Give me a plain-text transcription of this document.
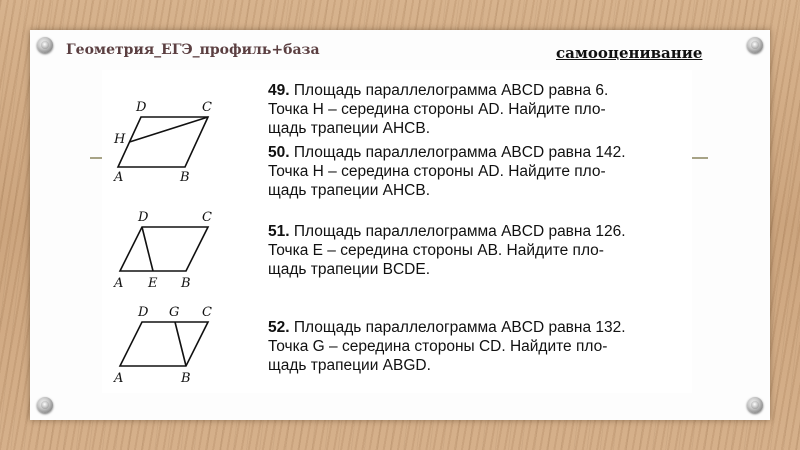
Геометрия_ЕГЭ_профиль+база	самооценивание
D	C
H
A	B
D	C
A E B
D G C
A	B
49. Площадь параллелограмма ABCD равна 6.
Точка H – середина стороны AD. Найдите пло-
щадь трапеции AHCB.
50. Площадь параллелограмма ABCD равна 142.
Точка H – середина стороны AD. Найдите пло-
щадь трапеции AHCB.
51. Площадь параллелограмма ABCD равна 126.
Точка E – середина стороны AB. Найдите пло-
щадь трапеции BCDE.
52. Площадь параллелограмма ABCD равна 132.
Точка G – середина стороны CD. Найдите пло-
щадь трапеции ABGD.
